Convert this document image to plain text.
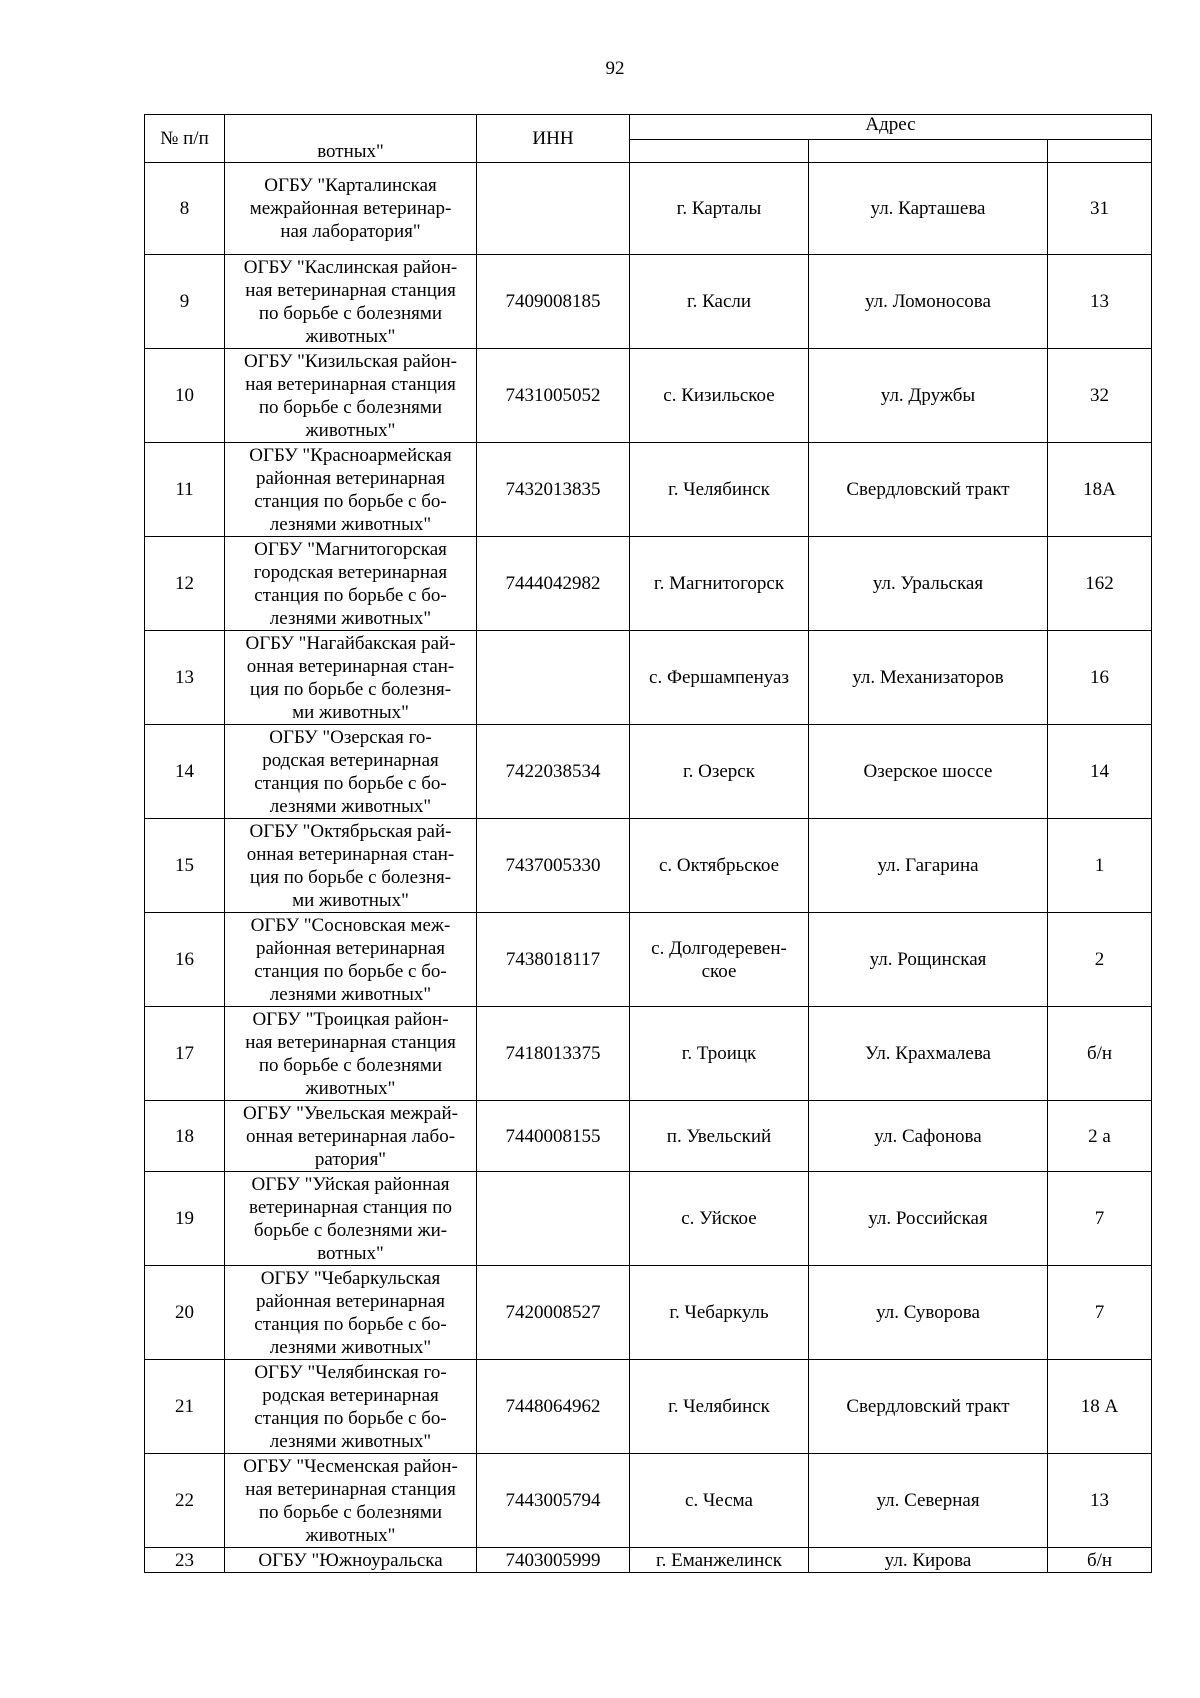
92
№ п/п	вотных"	ИНН	Адрес		

8	ОГБУ "Карталинская
межрайонная ветеринар-
ная лаборатория"		г. Карталы	ул. Карташева	31
9	ОГБУ "Каслинская район-
ная ветеринарная станция
по борьбе с болезнями
животных"	7409008185	г. Касли	ул. Ломоносова	13
10	ОГБУ "Кизильская район-
ная ветеринарная станция
по борьбе с болезнями
животных"	7431005052	с. Кизильское	ул. Дружбы	32
11	ОГБУ "Красноармейская
районная ветеринарная
станция по борьбе с бо-
лезнями животных"	7432013835	г. Челябинск	Свердловский тракт	18А
12	ОГБУ "Магнитогорская
городская ветеринарная
станция по борьбе с бо-
лезнями животных"	7444042982	г. Магнитогорск	ул. Уральская	162
13	ОГБУ "Нагайбакская рай-
онная ветеринарная стан-
ция по борьбе с болезня-
ми животных"		с. Фершампенуаз	ул. Механизаторов	16
14	ОГБУ "Озерская го-
родская ветеринарная
станция по борьбе с бо-
лезнями животных"	7422038534	г. Озерск	Озерское шоссе	14
15	ОГБУ "Октябрьская рай-
онная ветеринарная стан-
ция по борьбе с болезня-
ми животных"	7437005330	с. Октябрьское	ул. Гагарина	1
16	ОГБУ "Сосновская меж-
районная ветеринарная
станция по борьбе с бо-
лезнями животных"	7438018117	с. Долгодеревен-
ское	ул. Рощинская	2
17	ОГБУ "Троицкая район-
ная ветеринарная станция
по борьбе с болезнями
животных"	7418013375	г. Троицк	Ул. Крахмалева	б/н
18	ОГБУ "Увельская межрай-
онная ветеринарная лабо-
ратория"	7440008155	п. Увельский	ул. Сафонова	2 а
19	ОГБУ "Уйская районная
ветеринарная станция по
борьбе с болезнями жи-
вотных"		с. Уйское	ул. Российская	7
20	ОГБУ "Чебаркульская
районная ветеринарная
станция по борьбе с бо-
лезнями животных"	7420008527	г. Чебаркуль	ул. Суворова	7
21	ОГБУ "Челябинская го-
родская ветеринарная
станция по борьбе с бо-
лезнями животных"	7448064962	г. Челябинск	Свердловский тракт	18 А
22	ОГБУ "Чесменская район-
ная ветеринарная станция
по борьбе с болезнями
животных"	7443005794	с. Чесма	ул. Северная	13
23	ОГБУ "Южноуральска	7403005999	г. Еманжелинск	ул. Кирова	б/н
